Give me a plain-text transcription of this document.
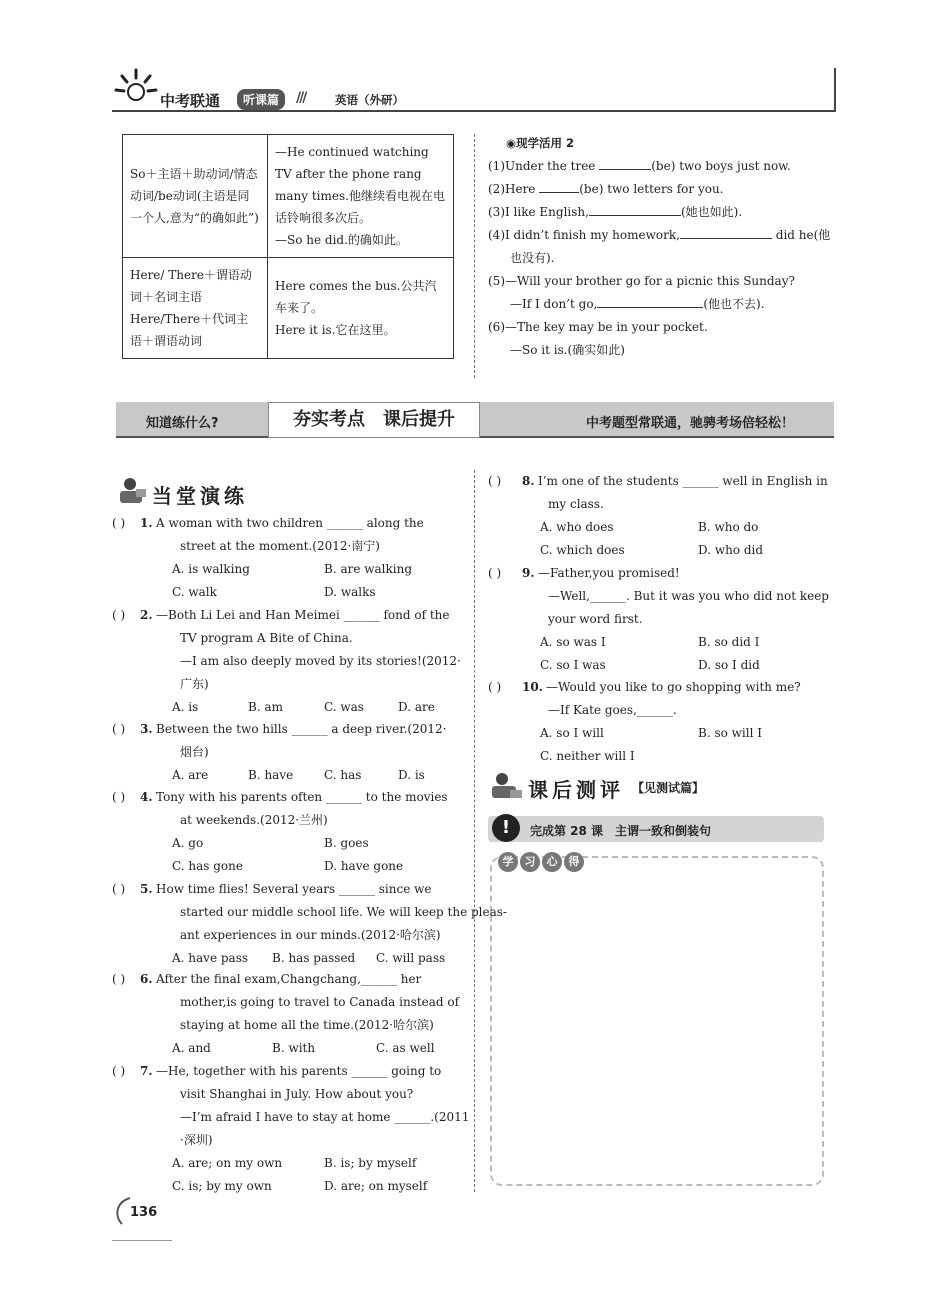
中考联通	听课篇	///	英语（外研）
So＋主语＋助动词/情态动词/be动词(主语是同一个人,意为“的确如此”)	—He continued watching TV after the phone rang many times.他继续看电视在电话铃响很多次后。
—So he did.的确如此。

Here/ There＋谓语动词＋名词主语 Here/There＋代词主语＋谓语动词	Here comes the bus.公共汽车来了。
Here it is.它在这里。
◉现学活用 2
(1)Under the tree	(be) two boys just now.
(2)Here	(be) two letters for you.
(3)I like English,	(她也如此).
(4)I didn’t finish my homework,	did he(他
也没有).
(5)—Will your brother go for a picnic this Sunday?
—If I don’t go,	(他也不去).
(6)—The key may be in your pocket.
—So it is.(确实如此)
知道练什么?	夯实考点　课后提升	中考题型常联通，驰骋考场倍轻松！
当堂演练
课后测评 【见测试篇】
!	完成第 28 课　主谓一致和倒装句
学 习 心 得
136
( ) 1. A woman with two children ______ along the
street at the moment.(2012·南宁)
A. is walking	B. are walking
C. walk	D. walks
( ) 2. —Both Li Lei and Han Meimei ______ fond of the
TV program A Bite of China.
—I am also deeply moved by its stories!(2012·
广东)
A. is	B. am	C. was	D. are
( ) 3. Between the two hills ______ a deep river.(2012·
烟台)
A. are	B. have	C. has	D. is
( ) 4. Tony with his parents often ______ to the movies
at weekends.(2012·兰州)
A. go	B. goes
C. has gone	D. have gone
( ) 5. How time flies! Several years ______ since we
started our middle school life. We will keep the pleas-
ant experiences in our minds.(2012·哈尔滨)
A. have pass B. has passed C. will pass
( ) 6. After the final exam,Changchang,______ her
mother,is going to travel to Canada instead of
staying at home all the time.(2012·哈尔滨)
A. and	B. with	C. as well
( ) 7. —He, together with his parents ______ going to
visit Shanghai in July. How about you?
—I’m afraid I have to stay at home ______.(2011
·深圳)
A. are; on my own	B. is; by myself
C. is; by my own	D. are; on myself
( ) 8. I’m one of the students ______ well in English in
my class.
A. who does	B. who do
C. which does	D. who did
( ) 9. —Father,you promised!
—Well,______. But it was you who did not keep
your word first.
A. so was I	B. so did I
C. so I was	D. so I did
( ) 10. —Would you like to go shopping with me?
—If Kate goes,______.
A. so I will	B. so will I
C. neither will I
